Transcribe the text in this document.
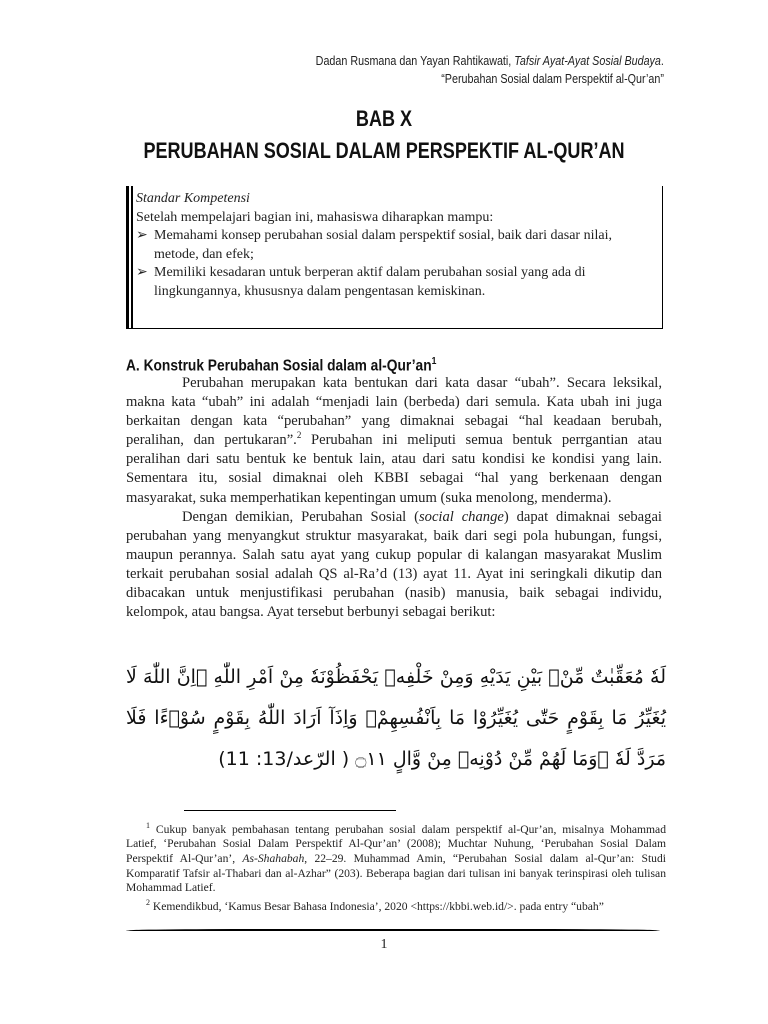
Dadan Rusmana dan Yayan Rahtikawati, Tafsir Ayat-Ayat Sosial Budaya.
“Perubahan Sosial dalam Perspektif al-Qur’an”
BAB X
PERUBAHAN SOSIAL DALAM PERSPEKTIF AL-QUR’AN
Standar Kompetensi
Setelah mempelajari bagian ini, mahasiswa diharapkan mampu:
➢ Memahami konsep perubahan sosial dalam perspektif sosial, baik dari dasar nilai, metode, dan efek;
➢ Memiliki kesadaran untuk berperan aktif dalam perubahan sosial yang ada di lingkungannya, khususnya dalam pengentasan kemiskinan.
A. Konstruk Perubahan Sosial dalam $al-Qur’an^1$

Perubahan merupakan kata bentukan dari kata dasar “ubah”. Secara leksikal, makna kata “ubah” ini adalah “menjadi lain (berbeda) dari semula. Kata ubah ini juga berkaitan dengan kata “perubahan” yang dimaknai sebagai “hal keadaan berubah, peralihan, dan pertukaran”.$^2$ Perubahan ini meliputi semua bentuk perrgantian atau peralihan dari satu bentuk ke bentuk lain, atau dari satu kondisi ke kondisi yang lain. Sementara itu, sosial dimaknai oleh KBBI sebagai “hal yang berkenaan dengan masyarakat, suka memperhatikan kepentingan umum (suka menolong, menderma).

Dengan demikian, Perubahan Sosial (social change) dapat dimaknai sebagai perubahan yang menyangkut struktur masyarakat, baik dari segi pola hubungan, fungsi, maupun perannya. Salah satu ayat yang cukup popular di kalangan masyarakat Muslim terkait perubahan sosial adalah QS al-Ra’d (13) ayat 11. Ayat ini seringkali dikutip dan dibacakan untuk menjustifikasi perubahan (nasib) manusia, baik sebagai individu, kelompok, atau bangsa. Ayat tersebut berbunyi sebagai berikut:

لَهٗ مُعَقِّبٰتٌ مِّنْۢ بَيْنِ يَدَيْهِ وَمِنْ خَلْفِهٖ يَحْفَظُوْنَهٗ مِنْ اَمْرِ اللّٰهِ ۗاِنَّ اللّٰهَ لَا يُغَيِّرُ مَا بِقَوْمٍ حَتّٰى يُغَيِّرُوْا مَا بِاَنْفُسِهِمْۗ وَاِذَآ اَرَادَ اللّٰهُ بِقَوْمٍ سُوْۤءًا فَلَا مَرَدَّ لَهٗ ۚوَمَا لَهُمْ مِّنْ دُوْنِهٖ مِنْ وَّالٍ ۝١١ ( الرّعد/13: 11)

$^1$ Cukup banyak pembahasan tentang perubahan sosial dalam perspektif al-Qur’an, misalnya Mohammad Latief, ‘Perubahan Sosial Dalam Perspektif Al-Qur’an’ (2008); Muchtar Nuhung, ‘Perubahan Sosial Dalam Perspektif Al-Qur’an’, As-Shahabah, 22–29. Muhammad Amin, “Perubahan Sosial dalam al-Qur’an: Studi Komparatif Tafsir al-Thabari dan al-Azhar” (203). Beberapa bagian dari tulisan ini banyak terinspirasi oleh tulisan Mohammad Latief.

$^2$ Kemendikbud, ‘Kamus Besar Bahasa Indonesia’, 2020 <https://kbbi.web.id/>. pada entry “ubah”

1
